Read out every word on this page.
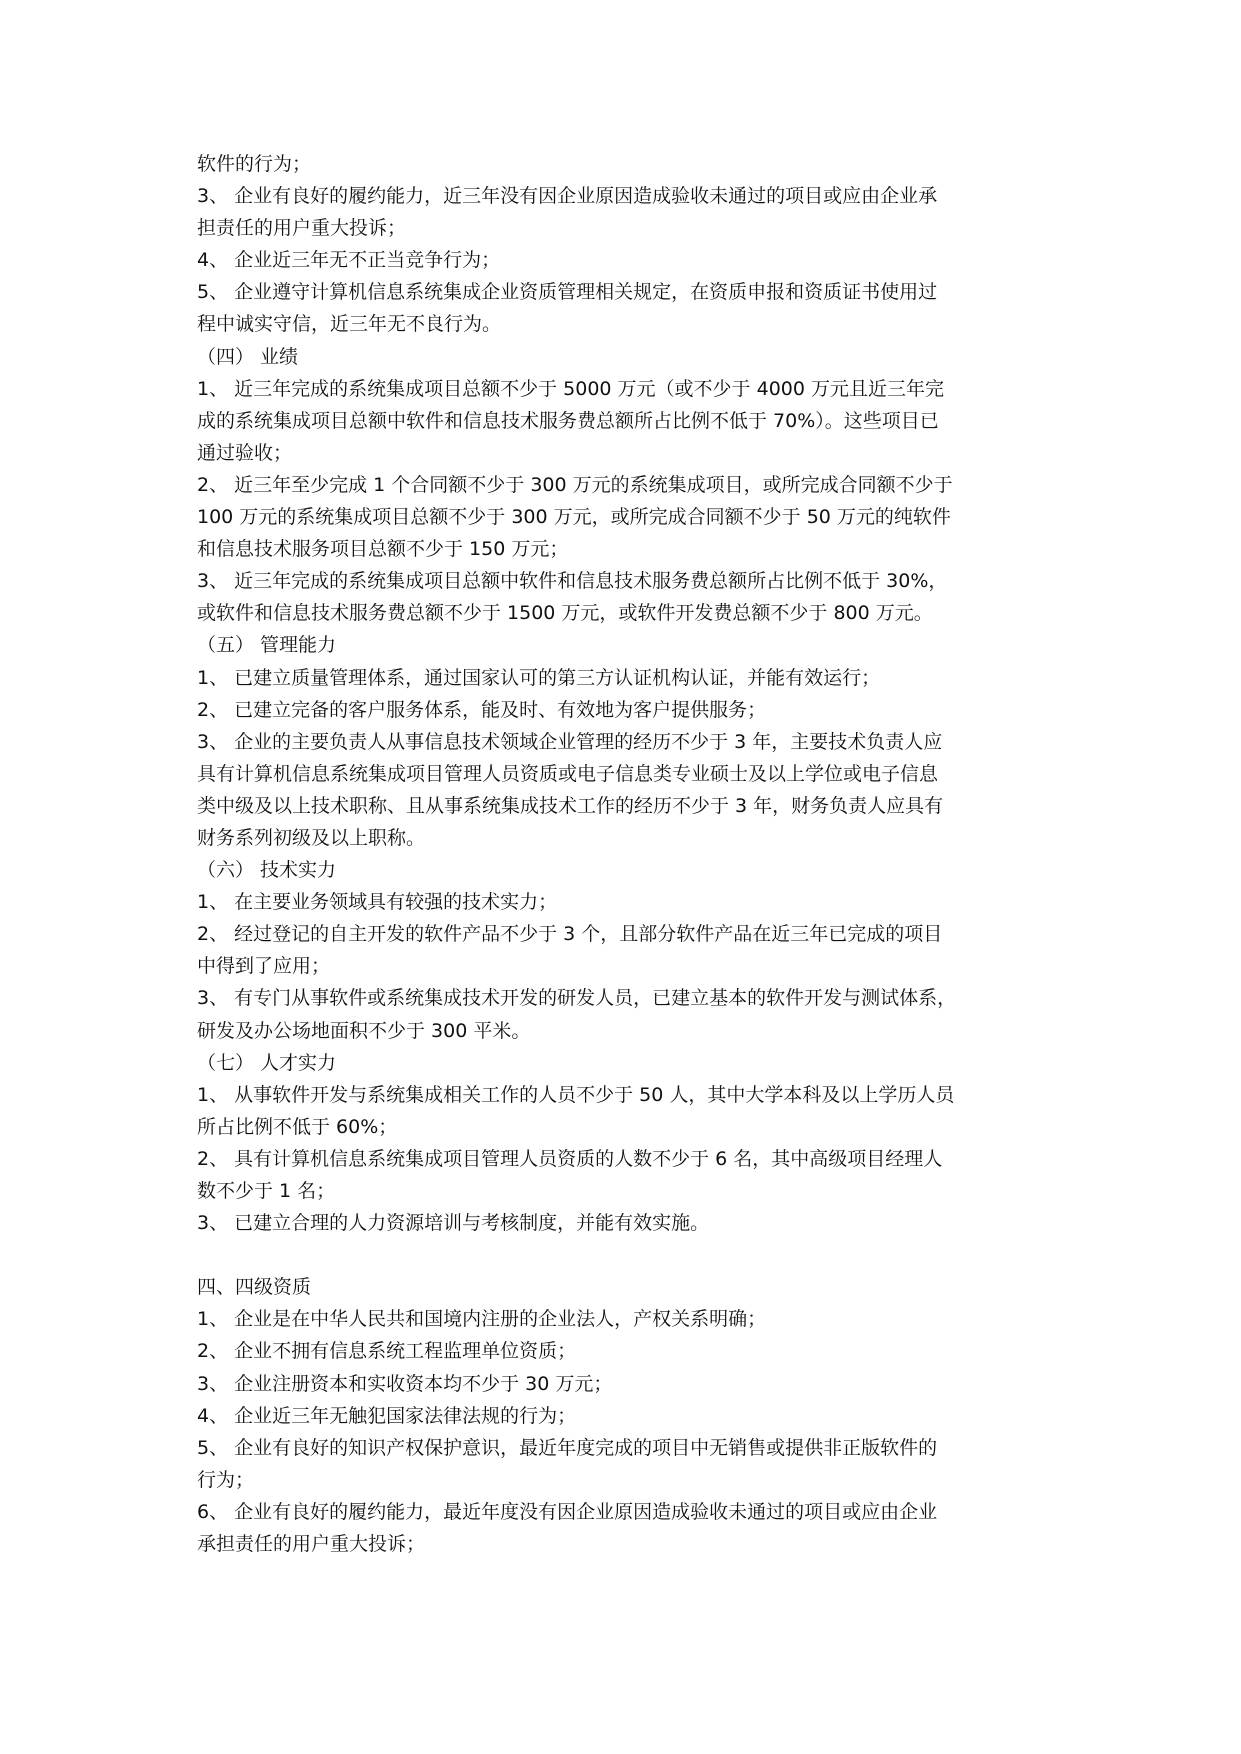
软件的行为；

3、 企业有良好的履约能力，近三年没有因企业原因造成验收未通过的项目或应由企业承

担责任的用户重大投诉；

4、 企业近三年无不正当竞争行为；

5、 企业遵守计算机信息系统集成企业资质管理相关规定，在资质申报和资质证书使用过

程中诚实守信，近三年无不良行为。

（四） 业绩

1、 近三年完成的系统集成项目总额不少于 5000 万元（或不少于 4000 万元且近三年完

成的系统集成项目总额中软件和信息技术服务费总额所占比例不低于 70%）。这些项目已

通过验收；

2、 近三年至少完成 1 个合同额不少于 300 万元的系统集成项目，或所完成合同额不少于

100 万元的系统集成项目总额不少于 300 万元，或所完成合同额不少于 50 万元的纯软件

和信息技术服务项目总额不少于 150 万元；

3、 近三年完成的系统集成项目总额中软件和信息技术服务费总额所占比例不低于 30%，

或软件和信息技术服务费总额不少于 1500 万元，或软件开发费总额不少于 800 万元。

（五） 管理能力

1、 已建立质量管理体系，通过国家认可的第三方认证机构认证，并能有效运行；

2、 已建立完备的客户服务体系，能及时、有效地为客户提供服务；

3、 企业的主要负责人从事信息技术领域企业管理的经历不少于 3 年，主要技术负责人应

具有计算机信息系统集成项目管理人员资质或电子信息类专业硕士及以上学位或电子信息

类中级及以上技术职称、且从事系统集成技术工作的经历不少于 3 年，财务负责人应具有

财务系列初级及以上职称。

（六） 技术实力

1、 在主要业务领域具有较强的技术实力；

2、 经过登记的自主开发的软件产品不少于 3 个，且部分软件产品在近三年已完成的项目

中得到了应用；

3、 有专门从事软件或系统集成技术开发的研发人员，已建立基本的软件开发与测试体系，

研发及办公场地面积不少于 300 平米。

（七） 人才实力

1、 从事软件开发与系统集成相关工作的人员不少于 50 人，其中大学本科及以上学历人员

所占比例不低于 60%；

2、 具有计算机信息系统集成项目管理人员资质的人数不少于 6 名，其中高级项目经理人

数不少于 1 名；

3、 已建立合理的人力资源培训与考核制度，并能有效实施。

四、四级资质

1、 企业是在中华人民共和国境内注册的企业法人，产权关系明确；

2、 企业不拥有信息系统工程监理单位资质；

3、 企业注册资本和实收资本均不少于 30 万元；

4、 企业近三年无触犯国家法律法规的行为；

5、 企业有良好的知识产权保护意识，最近年度完成的项目中无销售或提供非正版软件的

行为；

6、 企业有良好的履约能力，最近年度没有因企业原因造成验收未通过的项目或应由企业

承担责任的用户重大投诉；
